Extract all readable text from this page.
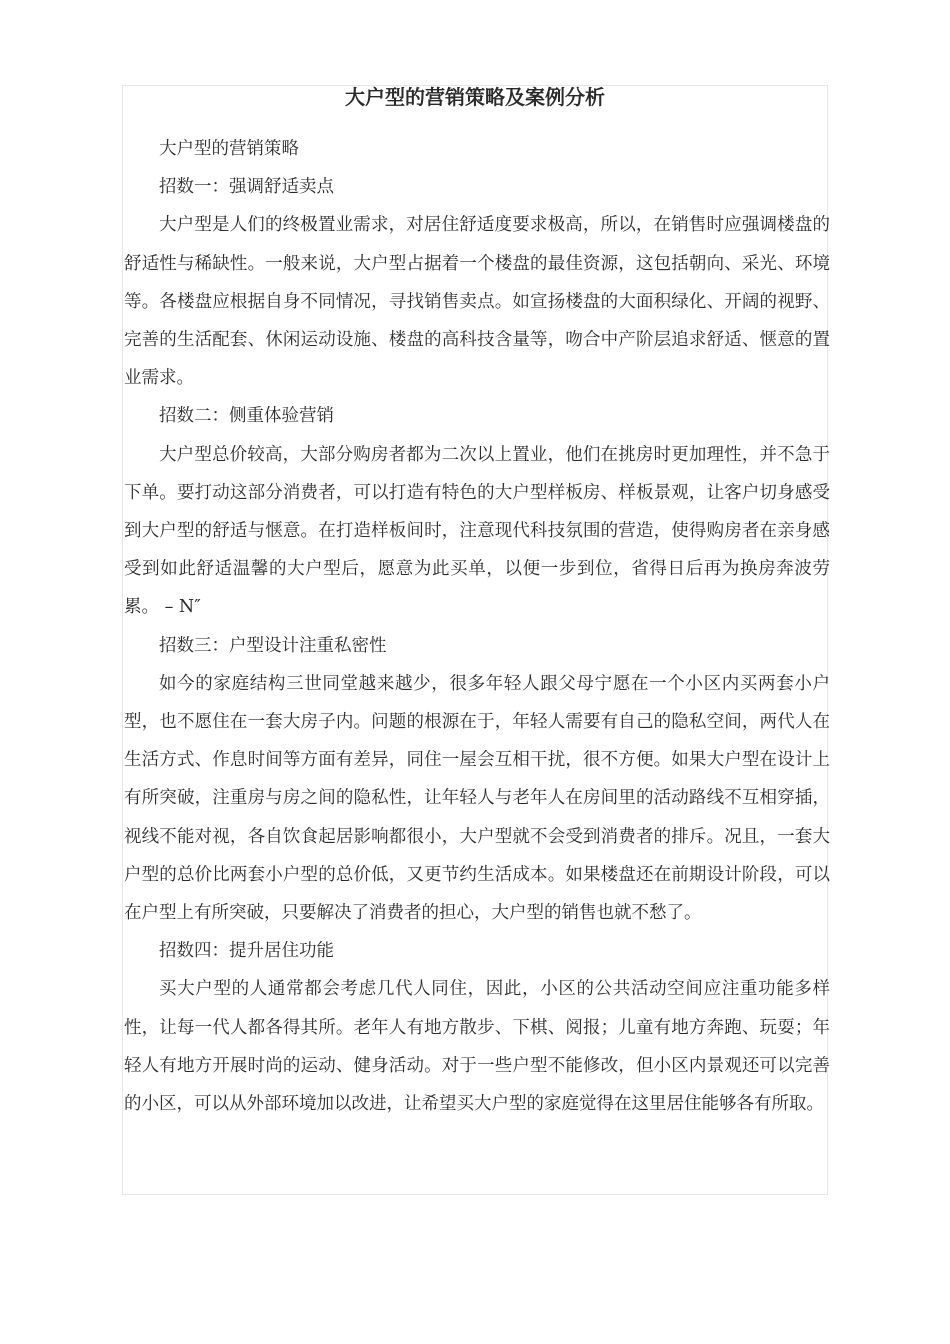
大户型的营销策略及案例分析

大户型的营销策略

招数一：强调舒适卖点

大户型是人们的终极置业需求，对居住舒适度要求极高，所以，在销售时应强调楼盘的舒适性与稀缺性。一般来说，大户型占据着一个楼盘的最佳资源，这包括朝向、采光、环境等。各楼盘应根据自身不同情况，寻找销售卖点。如宣扬楼盘的大面积绿化、开阔的视野、完善的生活配套、休闲运动设施、楼盘的高科技含量等，吻合中产阶层追求舒适、惬意的置业需求。

招数二：侧重体验营销

大户型总价较高，大部分购房者都为二次以上置业，他们在挑房时更加理性，并不急于下单。要打动这部分消费者，可以打造有特色的大户型样板房、样板景观，让客户切身感受到大户型的舒适与惬意。在打造样板间时，注意现代科技氛围的营造，使得购房者在亲身感受到如此舒适温馨的大户型后，愿意为此买单，以便一步到位，省得日后再为换房奔波劳累。 – N″

招数三：户型设计注重私密性

如今的家庭结构三世同堂越来越少，很多年轻人跟父母宁愿在一个小区内买两套小户型，也不愿住在一套大房子内。问题的根源在于，年轻人需要有自己的隐私空间，两代人在生活方式、作息时间等方面有差异，同住一屋会互相干扰，很不方便。如果大户型在设计上有所突破，注重房与房之间的隐私性，让年轻人与老年人在房间里的活动路线不互相穿插，视线不能对视，各自饮食起居影响都很小，大户型就不会受到消费者的排斥。况且，一套大户型的总价比两套小户型的总价低，又更节约生活成本。如果楼盘还在前期设计阶段，可以在户型上有所突破，只要解决了消费者的担心，大户型的销售也就不愁了。

招数四：提升居住功能

买大户型的人通常都会考虑几代人同住，因此，小区的公共活动空间应注重功能多样性，让每一代人都各得其所。老年人有地方散步、下棋、阅报；儿童有地方奔跑、玩耍；年轻人有地方开展时尚的运动、健身活动。对于一些户型不能修改，但小区内景观还可以完善的小区，可以从外部环境加以改进，让希望买大户型的家庭觉得在这里居住能够各有所取。
